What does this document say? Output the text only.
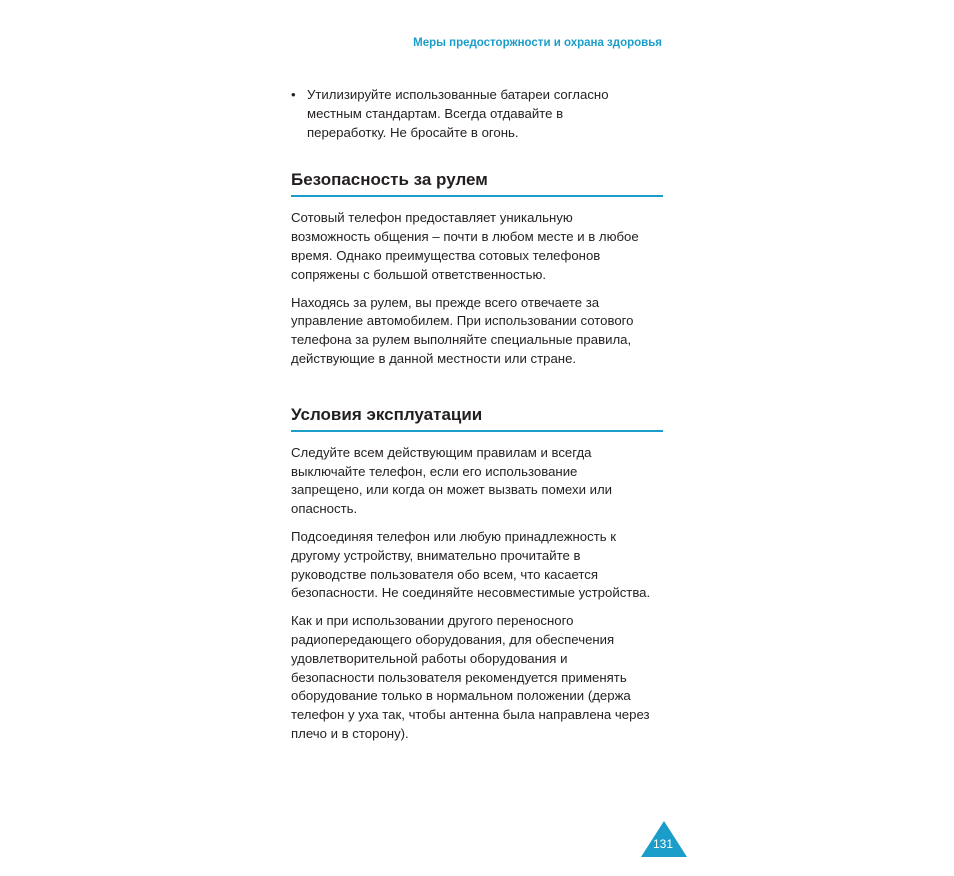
Меры предосторжности и охрана здоровья
• Утилизируйте использованные батареи согласно
местным стандартам. Всегда отдавайте в
переработку. Не бросайте в огонь.
Безопасность за рулем

Сотовый телефон предоставляет уникальную
возможность общения – почти в любом месте и в любое
время. Однако преимущества сотовых телефонов
сопряжены с большой ответственностью.

Находясь за рулем, вы прежде всего отвечаете за
управление автомобилем. При использовании сотового
телефона за рулем выполняйте специальные правила,
действующие в данной местности или стране.

Условия эксплуатации

Следуйте всем действующим правилам и всегда
выключайте телефон, если его использование
запрещено, или когда он может вызвать помехи или
опасность.

Подсоединяя телефон или любую принадлежность к
другому устройству, внимательно прочитайте в
руководстве пользователя обо всем, что касается
безопасности. Не соединяйте несовместимые устройства.

Как и при использовании другого переносного
радиопередающего оборудования, для обеспечения
удовлетворительной работы оборудования и
безопасности пользователя рекомендуется применять
оборудование только в нормальном положении (держа
телефон у уха так, чтобы антенна была направлена через
плечо и в сторону).

131
